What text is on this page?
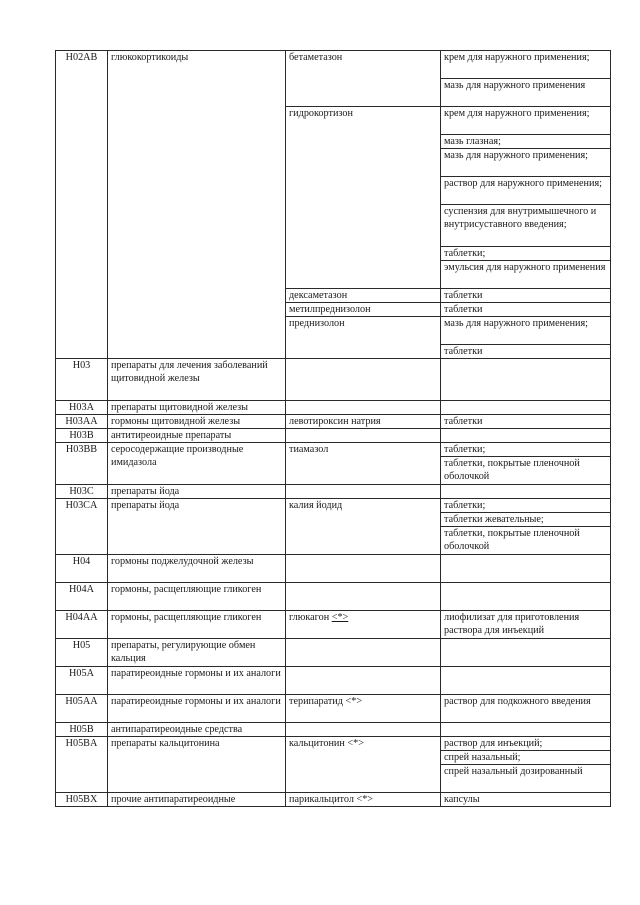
H02AB	глюкокортикоиды	бетаметазон	крем для наружного применения;
			мазь для наружного применения
		гидрокортизон	крем для наружного применения;
			мазь глазная;
			мазь для наружного применения;
			раствор для наружного применения;
			суспензия для внутримышечного и внутрисуставного введения;
			таблетки;
			эмульсия для наружного применения
		дексаметазон	таблетки
		метилпреднизолон	таблетки
		преднизолон	мазь для наружного применения;
			таблетки
H03	препараты для лечения заболеваний щитовидной железы		
H03A	препараты щитовидной железы		
H03AA	гормоны щитовидной железы	левотироксин натрия	таблетки
H03B	антитиреоидные препараты		
H03BB	серосодержащие производные имидазола	тиамазол	таблетки;
			таблетки, покрытые пленочной оболочкой
H03C	препараты йода		
H03CA	препараты йода	калия йодид	таблетки;
			таблетки жевательные;
			таблетки, покрытые пленочной оболочкой
H04	гормоны поджелудочной железы		
H04A	гормоны, расщепляющие гликоген		
H04AA	гормоны, расщепляющие гликоген	глюкагон <*>	лиофилизат для приготовления раствора для инъекций
H05	препараты, регулирующие обмен кальция		
H05A	паратиреоидные гормоны и их аналоги		
H05AA	паратиреоидные гормоны и их аналоги	терипаратид <*>	раствор для подкожного введения
H05B	антипаратиреоидные средства		
H05BA	препараты кальцитонина	кальцитонин <*>	раствор для инъекций;
			спрей назальный;
			спрей назальный дозированный
H05BX	прочие антипаратиреоидные	парикальцитол <*>	капсулы
